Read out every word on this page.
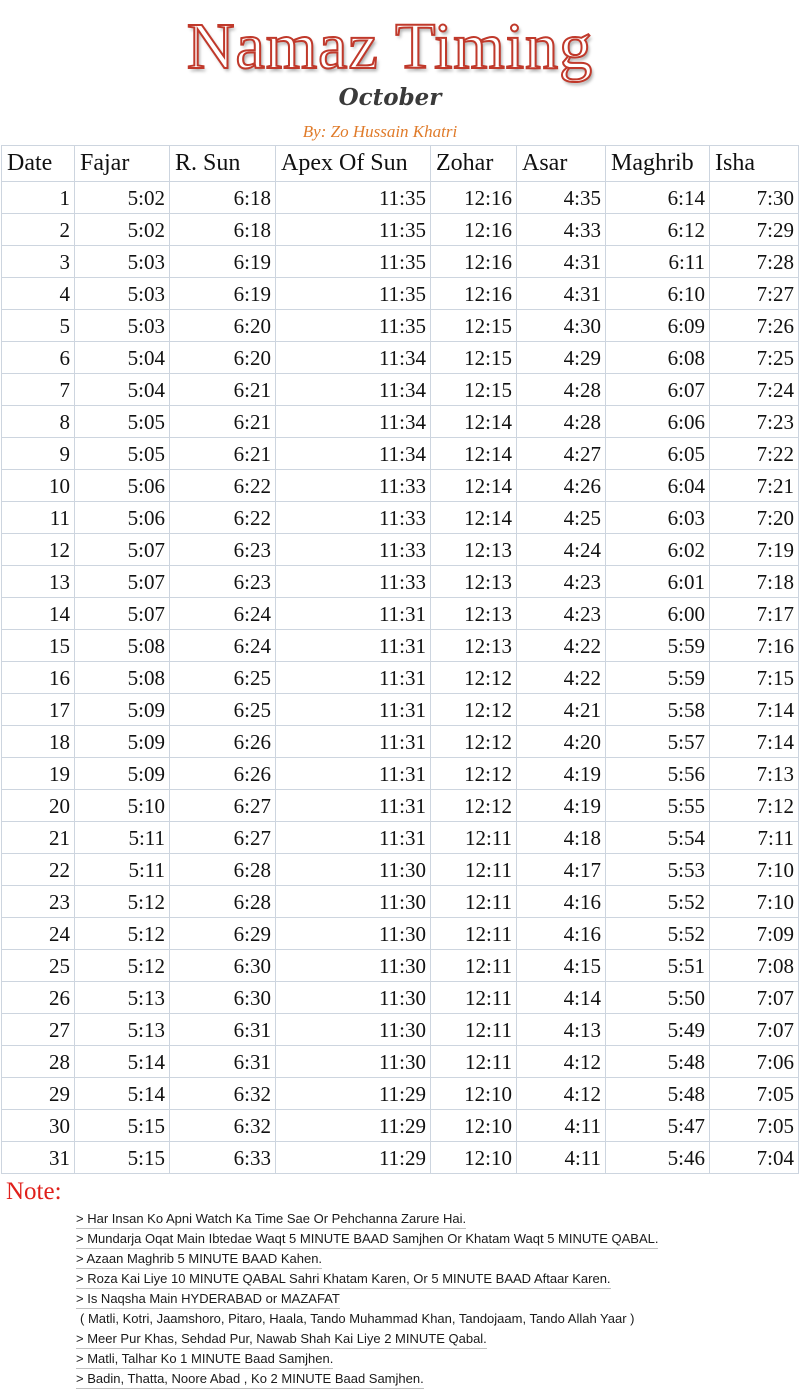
Namaz Timing
October
By: Zo Hussain Khatri
Date	Fajar	R. Sun	Apex Of Sun	Zohar	Asar	Maghrib	Isha
1	5:02	6:18	11:35	12:16	4:35	6:14	7:30
2	5:02	6:18	11:35	12:16	4:33	6:12	7:29
3	5:03	6:19	11:35	12:16	4:31	6:11	7:28
4	5:03	6:19	11:35	12:16	4:31	6:10	7:27
5	5:03	6:20	11:35	12:15	4:30	6:09	7:26
6	5:04	6:20	11:34	12:15	4:29	6:08	7:25
7	5:04	6:21	11:34	12:15	4:28	6:07	7:24
8	5:05	6:21	11:34	12:14	4:28	6:06	7:23
9	5:05	6:21	11:34	12:14	4:27	6:05	7:22
10	5:06	6:22	11:33	12:14	4:26	6:04	7:21
11	5:06	6:22	11:33	12:14	4:25	6:03	7:20
12	5:07	6:23	11:33	12:13	4:24	6:02	7:19
13	5:07	6:23	11:33	12:13	4:23	6:01	7:18
14	5:07	6:24	11:31	12:13	4:23	6:00	7:17
15	5:08	6:24	11:31	12:13	4:22	5:59	7:16
16	5:08	6:25	11:31	12:12	4:22	5:59	7:15
17	5:09	6:25	11:31	12:12	4:21	5:58	7:14
18	5:09	6:26	11:31	12:12	4:20	5:57	7:14
19	5:09	6:26	11:31	12:12	4:19	5:56	7:13
20	5:10	6:27	11:31	12:12	4:19	5:55	7:12
21	5:11	6:27	11:31	12:11	4:18	5:54	7:11
22	5:11	6:28	11:30	12:11	4:17	5:53	7:10
23	5:12	6:28	11:30	12:11	4:16	5:52	7:10
24	5:12	6:29	11:30	12:11	4:16	5:52	7:09
25	5:12	6:30	11:30	12:11	4:15	5:51	7:08
26	5:13	6:30	11:30	12:11	4:14	5:50	7:07
27	5:13	6:31	11:30	12:11	4:13	5:49	7:07
28	5:14	6:31	11:30	12:11	4:12	5:48	7:06
29	5:14	6:32	11:29	12:10	4:12	5:48	7:05
30	5:15	6:32	11:29	12:10	4:11	5:47	7:05
31	5:15	6:33	11:29	12:10	4:11	5:46	7:04
Note:
> Har Insan Ko Apni Watch Ka Time Sae Or Pehchanna Zarure Hai.
> Mundarja Oqat Main Ibtedae Waqt 5 MINUTE BAAD Samjhen Or Khatam Waqt 5 MINUTE QABAL.
> Azaan Maghrib 5 MINUTE BAAD Kahen.
> Roza Kai Liye 10 MINUTE QABAL Sahri Khatam Karen, Or 5 MINUTE BAAD Aftaar Karen.
> Is Naqsha Main HYDERABAD or MAZAFAT
( Matli, Kotri, Jaamshoro, Pitaro, Haala, Tando Muhammad Khan, Tandojaam, Tando Allah Yaar )
> Meer Pur Khas, Sehdad Pur, Nawab Shah Kai Liye 2 MINUTE Qabal.
> Matli, Talhar Ko 1 MINUTE Baad Samjhen.
> Badin, Thatta, Noore Abad , Ko 2 MINUTE Baad Samjhen.
